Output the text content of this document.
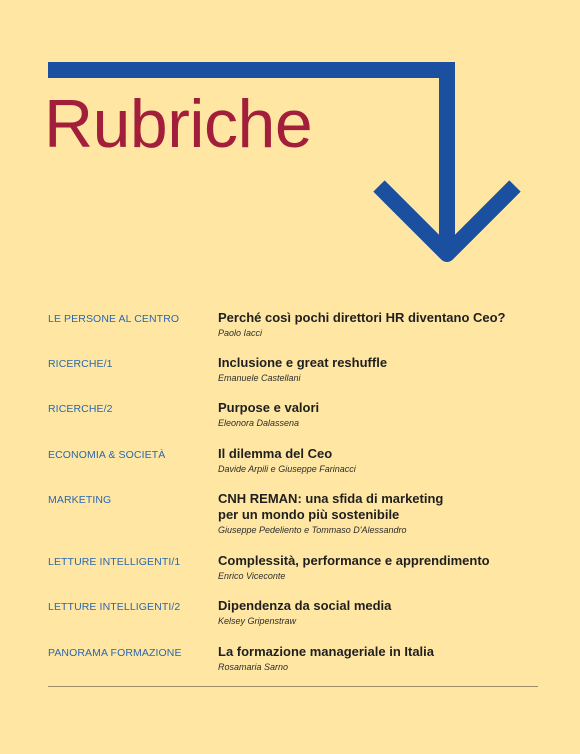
Rubriche
LE PERSONE AL CENTRO	Perché così pochi direttori HR diventano Ceo?
Paolo Iacci
RICERCHE/1	Inclusione e great reshuffle
Emanuele Castellani
RICERCHE/2	Purpose e valori
Eleonora Dalassena
ECONOMIA & SOCIETÀ	Il dilemma del Ceo
Davide Arpili e Giuseppe Farinacci
MARKETING	CNH REMAN: una sfida di marketing
per un mondo più sostenibile
Giuseppe Pedeliento e Tommaso D'Alessandro
LETTURE INTELLIGENTI/1	Complessità, performance e apprendimento
Enrico Viceconte
LETTURE INTELLIGENTI/2	Dipendenza da social media
Kelsey Gripenstraw
PANORAMA FORMAZIONE	La formazione manageriale in Italia
Rosamaria Sarno
